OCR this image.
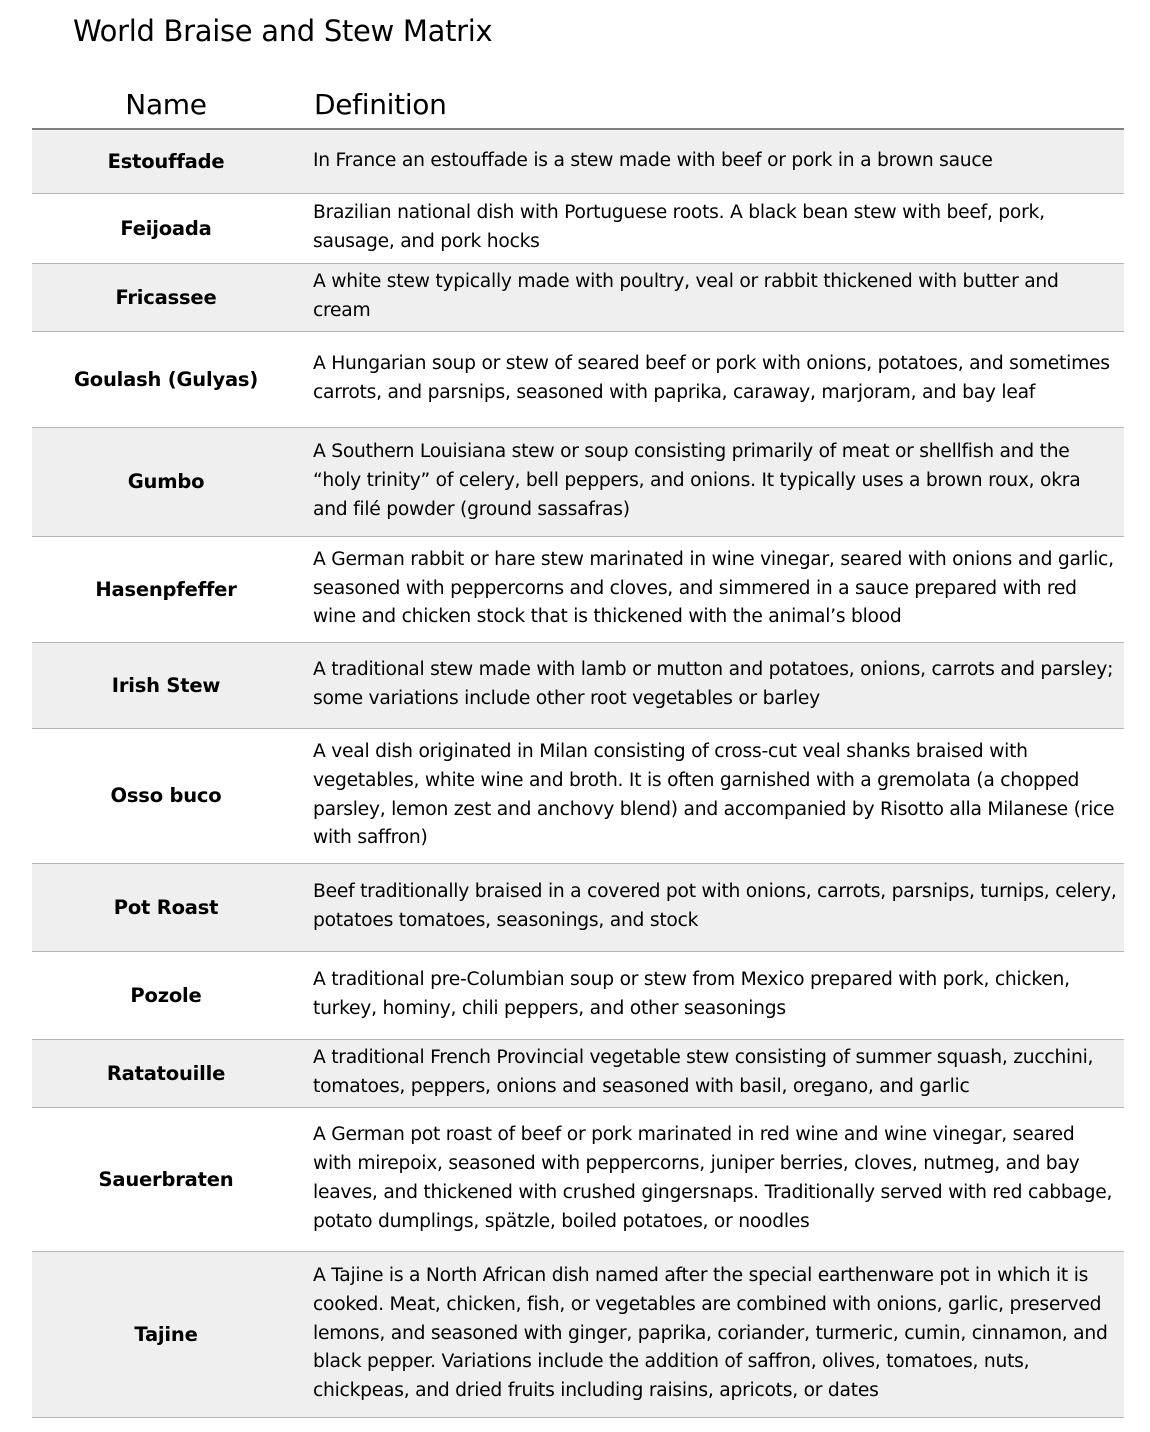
World Braise and Stew Matrix
Name	Definition
Estouffade	In France an estouffade is a stew made with beef or pork in a brown sauce
Feijoada	Brazilian national dish with Portuguese roots. A black bean stew with beef, pork, sausage, and pork hocks
Fricassee	A white stew typically made with poultry, veal or rabbit thickened with butter and cream
Goulash (Gulyas)	A Hungarian soup or stew of seared beef or pork with onions, potatoes, and sometimes carrots, and parsnips, seasoned with paprika, caraway, marjoram, and bay leaf
Gumbo	A Southern Louisiana stew or soup consisting primarily of meat or shellfish and the “holy trinity” of celery, bell peppers, and onions. It typically uses a brown roux, okra and filé powder (ground sassafras)
Hasenpfeffer	A German rabbit or hare stew marinated in wine vinegar, seared with onions and garlic, seasoned with peppercorns and cloves, and simmered in a sauce prepared with red wine and chicken stock that is thickened with the animal’s blood
Irish Stew	A traditional stew made with lamb or mutton and potatoes, onions, carrots and parsley; some variations include other root vegetables or barley
Osso buco	A veal dish originated in Milan consisting of cross-cut veal shanks braised with vegetables, white wine and broth. It is often garnished with a gremolata (a chopped parsley, lemon zest and anchovy blend) and accompanied by Risotto alla Milanese (rice with saffron)
Pot Roast	Beef traditionally braised in a covered pot with onions, carrots, parsnips, turnips, celery, potatoes tomatoes, seasonings, and stock
Pozole	A traditional pre-Columbian soup or stew from Mexico prepared with pork, chicken, turkey, hominy, chili peppers, and other seasonings
Ratatouille	A traditional French Provincial vegetable stew consisting of summer squash, zucchini, tomatoes, peppers, onions and seasoned with basil, oregano, and garlic
Sauerbraten	A German pot roast of beef or pork marinated in red wine and wine vinegar, seared with mirepoix, seasoned with peppercorns, juniper berries, cloves, nutmeg, and bay leaves, and thickened with crushed gingersnaps. Traditionally served with red cabbage, potato dumplings, spätzle, boiled potatoes, or noodles
Tajine	A Tajine is a North African dish named after the special earthenware pot in which it is cooked. Meat, chicken, fish, or vegetables are combined with onions, garlic, preserved lemons, and seasoned with ginger, paprika, coriander, turmeric, cumin, cinnamon, and black pepper. Variations include the addition of saffron, olives, tomatoes, nuts, chickpeas, and dried fruits including raisins, apricots, or dates
